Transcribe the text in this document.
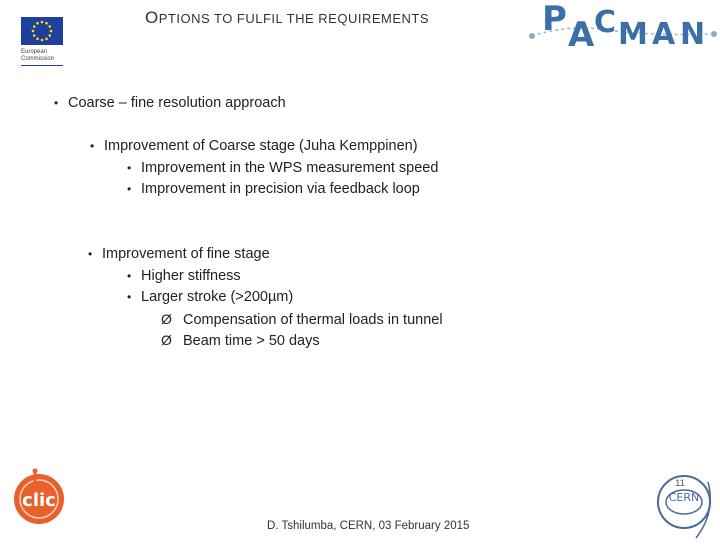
European
Commission
OPTIONS TO FULFIL THE REQUIREMENTS	P A C M A N
• Coarse – fine resolution approach
• Improvement of Coarse stage (Juha Kemppinen)
• Improvement in the WPS measurement speed
• Improvement in precision via feedback loop
• Improvement of fine stage
• Higher stiffness
• Larger stroke (>200µm)
Ø Compensation of thermal loads in tunnel
Ø Beam time > 50 days
clic
D. Tshilumba, CERN, 03 February 2015
CERN
11
